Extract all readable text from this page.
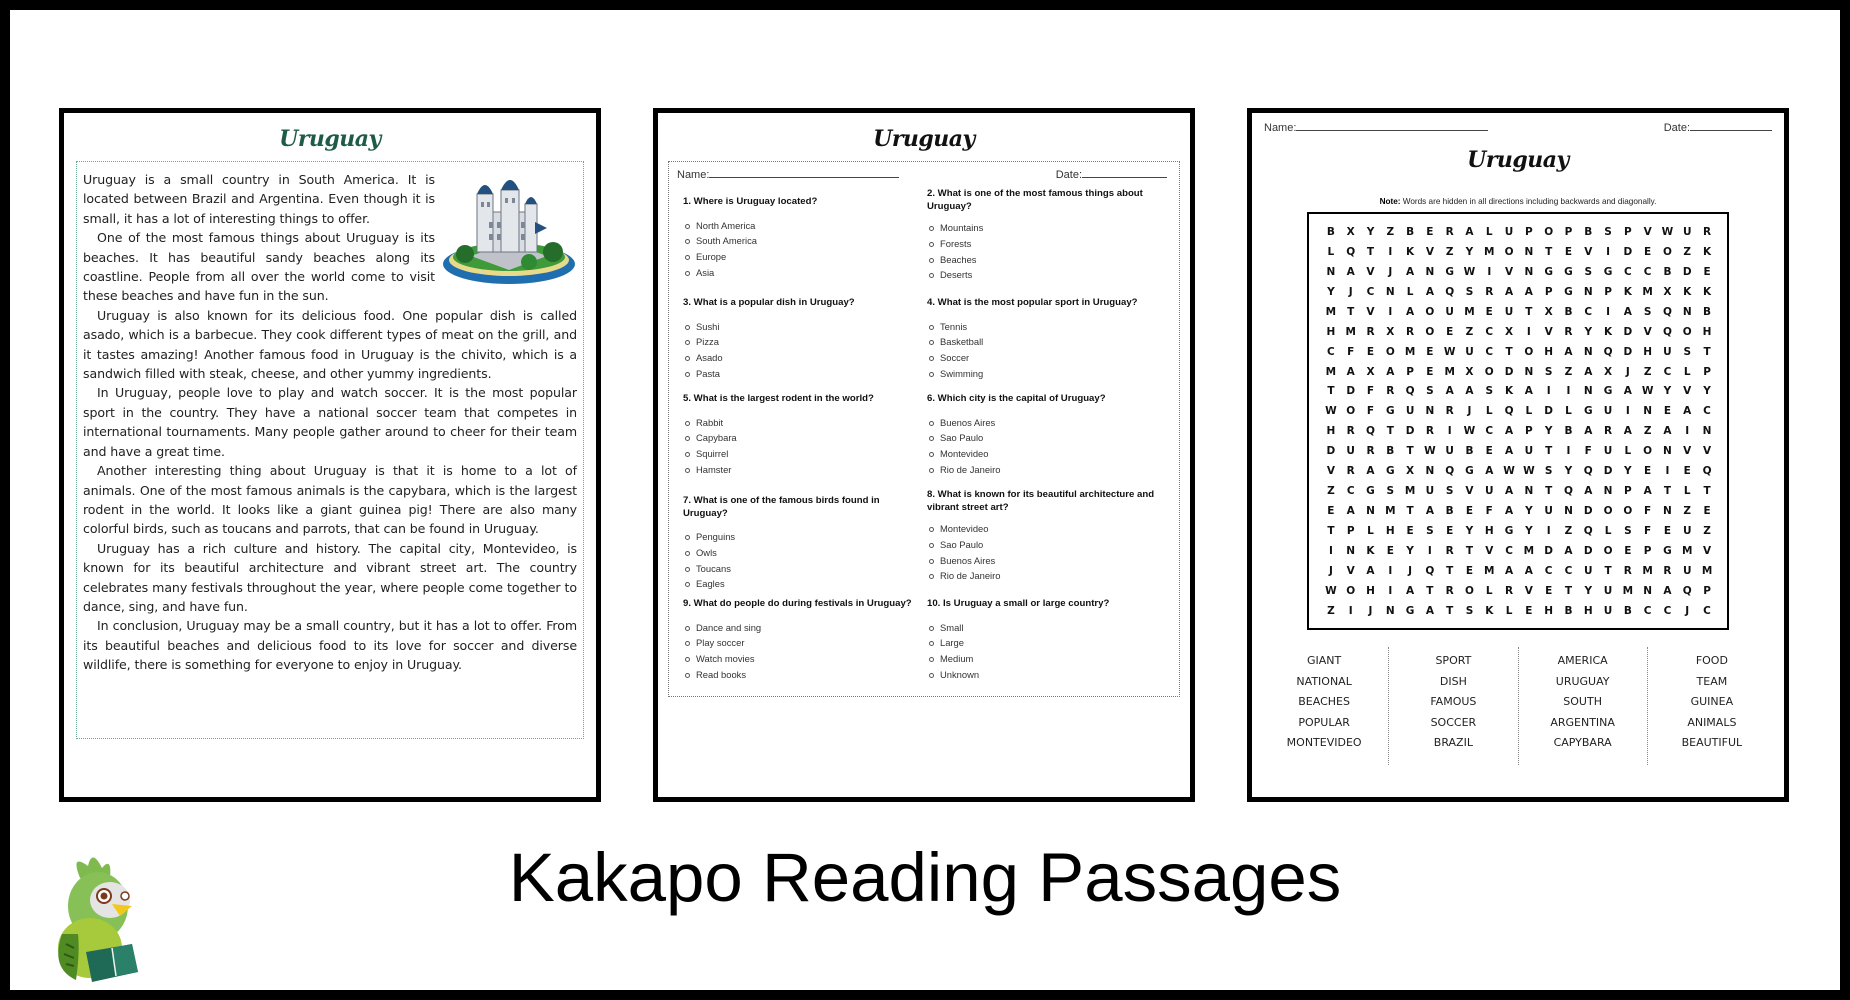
Uruguay

Uruguay is a small country in South America. It is located between Brazil and Argentina. Even though it is small, it has a lot of interesting things to offer.

One of the most famous things about Uruguay is its beaches. It has beautiful sandy beaches along its coastline. People from all over the world come to visit these beaches and have fun in the sun.

Uruguay is also known for its delicious food. One popular dish is called asado, which is a barbecue. They cook different types of meat on the grill, and it tastes amazing! Another famous food in Uruguay is the chivito, which is a sandwich filled with steak, cheese, and other yummy ingredients.

In Uruguay, people love to play and watch soccer. It is the most popular sport in the country. They have a national soccer team that competes in international tournaments. Many people gather around to cheer for their team and have a great time.

Another interesting thing about Uruguay is that it is home to a lot of animals. One of the most famous animals is the capybara, which is the largest rodent in the world. It looks like a giant guinea pig! There are also many colorful birds, such as toucans and parrots, that can be found in Uruguay.

Uruguay has a rich culture and history. The capital city, Montevideo, is known for its beautiful architecture and vibrant street art. The country celebrates many festivals throughout the year, where people come together to dance, sing, and have fun.

In conclusion, Uruguay may be a small country, but it has a lot to offer. From its beautiful beaches and delicious food to its love for soccer and diverse wildlife, there is something for everyone to enjoy in Uruguay.

Uruguay
Name:	Date:
1. Where is Uruguay located?
North America
South America
Europe
Asia
2. What is one of the most famous things about Uruguay?
Mountains
Forests
Beaches
Deserts
3. What is a popular dish in Uruguay?
Sushi
Pizza
Asado
Pasta
4. What is the most popular sport in Uruguay?
Tennis
Basketball
Soccer
Swimming
5. What is the largest rodent in the world?
Rabbit
Capybara
Squirrel
Hamster
6. Which city is the capital of Uruguay?
Buenos Aires
Sao Paulo
Montevideo
Rio de Janeiro
7. What is one of the famous birds found in Uruguay?
Penguins
Owls
Toucans
Eagles
8. What is known for its beautiful architecture and vibrant street art?
Montevideo
Sao Paulo
Buenos Aires
Rio de Janeiro
9. What do people do during festivals in Uruguay?
Dance and sing
Play soccer
Watch movies
Read books
10. Is Uruguay a small or large country?
Small
Large
Medium
Unknown
Name:	Date:
Uruguay
Note: Words are hidden in all directions including backwards and diagonally.
B	X	Y	Z	B	E	R	A	L	U	P	O	P	B	S	P	V W U	R
L	Q	T	I	K	V	Z	Y	M O	N	T	E	V	I	D	E	O	Z	K
N	A	V	J	A	N	G W	I	V	N	G	G	S	G	C	C	B	D	E
Y	J	C	N	L	A	Q	S	R	A	A	P	G	N	P	K	M	X	K	K
M	T	V	I	A	O	U M	E	U	T	X	B	C	I	A	S	Q	N	B
H M	R	X	R	O	E	Z	C	X	I	V	R	Y	K	D	V	Q	O	H
C	F	E	O M	E W U	C	T	O	H	A	N	Q	D	H	U	S	T
M	A	X	A	P	E	M	X	O	D	N	S	Z	A	X	J	Z	C	L	P
T	D	F	R	Q	S	A	A	S	K	A	I	I	N	G	A W Y	V	Y
W O	F	G	U	N	R	J	L	Q	L	D	L	G	U	I	N	E	A	C
H	R	Q	T	D	R	I	W C	A	P	Y	B	A	R	A	Z	A	I	N
D	U	R	B	T W U	B	E	A	U	T	I	F	U	L	O	N	V	V
V	R	A	G	X	N	Q	G	A W W S	Y	Q	D	Y	E	I	E	Q
Z	C	G	S	M U	S	V	U	A	N	T	Q	A	N	P	A	T	L	T
E	A	N M	T	A	B	E	F	A	Y	U	N	D	O	O	F	N	Z	E
T	P	L	H	E	S	E	Y	H	G	Y	I	Z	Q	L	S	F	E	U	Z
I	N	K	E	Y	I	R	T	V	C	M D	A	D	O	E	P	G M	V
J	V	A	I	J	Q	T	E	M	A	A	C	C	U	T	R	M	R	U M
W O	H	I	A	T	R	O	L	R	V	E	T	Y	U M N	A	Q	P
Z	I	J	N	G	A	T	S	K	L	E	H	B	H	U	B	C	C	J	C
GIANT
NATIONAL
BEACHES
POPULAR
MONTEVIDEO
SPORT
DISH
FAMOUS
SOCCER
BRAZIL
AMERICA
URUGUAY
SOUTH
ARGENTINA
CAPYBARA
FOOD
TEAM
GUINEA
ANIMALS
BEAUTIFUL
Kakapo Reading Passages
